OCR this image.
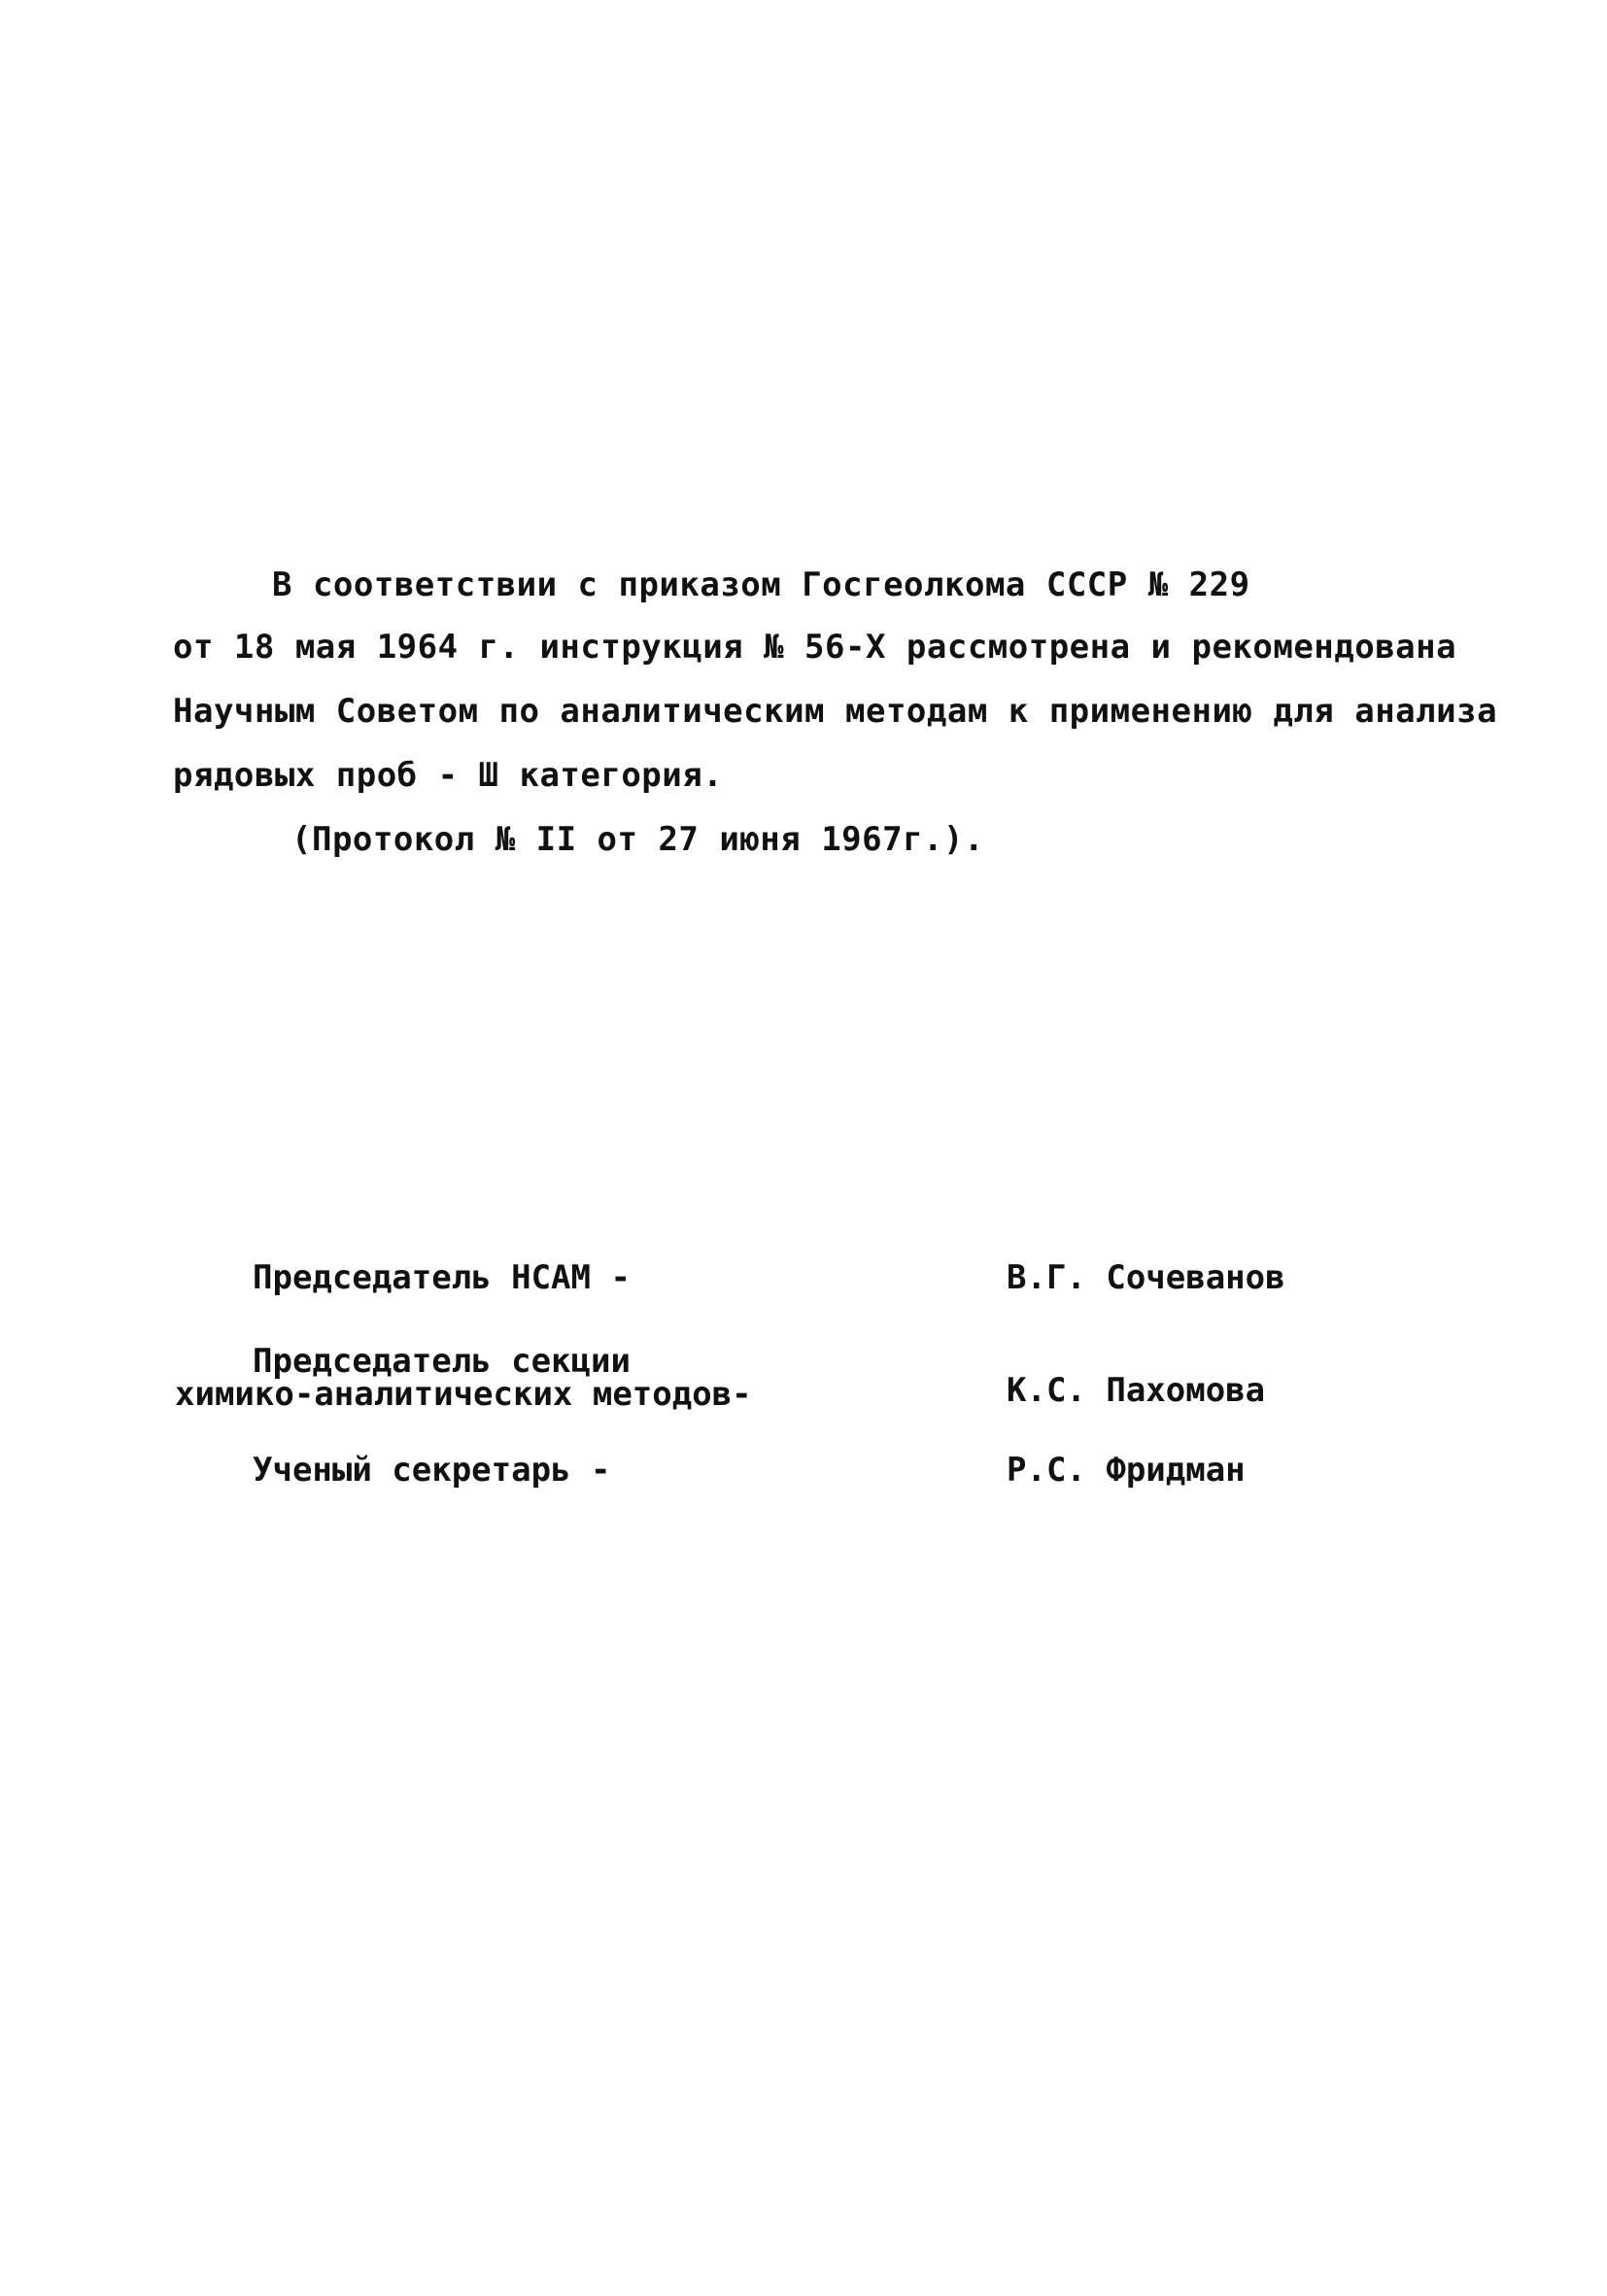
В соответствии с приказом Госгеолкома СССР № 229
от 18 мая 1964 г. инструкция № 56-Х рассмотрена и рекомендована
Научным Советом по аналитическим методам к применению для анализа
рядовых проб - Ш категория.
(Протокол № II от 27 июня 1967г.).
Председатель НСАМ -	В.Г. Сочеванов
Председатель секции
химико-аналитических методов-	К.С. Пахомова
Ученый секретарь -	Р.С. Фридман
